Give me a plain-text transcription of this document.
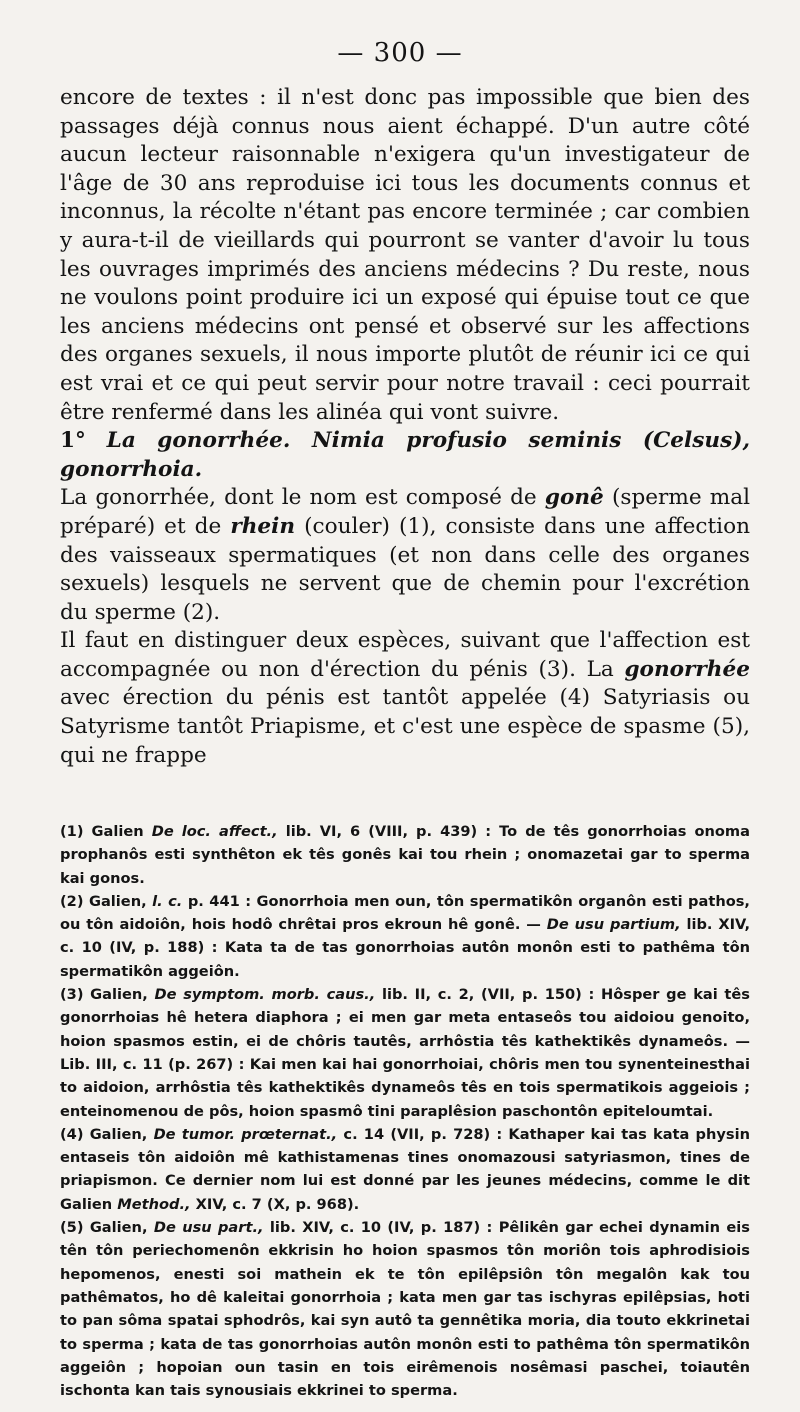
— 300 —

encore de textes : il n'est donc pas impossible que bien des passages déjà connus nous aient échappé. D'un autre côté aucun lecteur raisonnable n'exigera qu'un investigateur de l'âge de 30 ans reproduise ici tous les documents connus et inconnus, la récolte n'étant pas encore terminée ; car combien y aura-t-il de vieillards qui pourront se vanter d'avoir lu tous les ouvrages imprimés des anciens médecins ? Du reste, nous ne voulons point produire ici un exposé qui épuise tout ce que les anciens médecins ont pensé et observé sur les affections des organes sexuels, il nous importe plutôt de réunir ici ce qui est vrai et ce qui peut servir pour notre travail : ceci pourrait être renfermé dans les alinéa qui vont suivre.

1° La gonorrhée. Nimia profusio seminis (Celsus), gonorrhoia.

La gonorrhée, dont le nom est composé de gonê (sperme mal préparé) et de rhein (couler) (1), consiste dans une affection des vaisseaux spermatiques (et non dans celle des organes sexuels) lesquels ne servent que de chemin pour l'excrétion du sperme (2).

Il faut en distinguer deux espèces, suivant que l'affection est accompagnée ou non d'érection du pénis (3). La gonorrhée avec érection du pénis est tantôt appelée (4) Satyriasis ou Satyrisme tantôt Priapisme, et c'est une espèce de spasme (5), qui ne frappe

(1) Galien De loc. affect., lib. VI, 6 (VIII, p. 439) : To de tês gonorrhoias onoma prophanôs esti synthêton ek tês gonês kai tou rhein ; onomazetai gar to sperma kai gonos.

(2) Galien, l. c. p. 441 : Gonorrhoia men oun, tôn spermatikôn organôn esti pathos, ou tôn aidoiôn, hois hodô chrêtai pros ekroun hê gonê. — De usu partium, lib. XIV, c. 10 (IV, p. 188) : Kata ta de tas gonorrhoias autôn monôn esti to pathêma tôn spermatikôn aggeiôn.

(3) Galien, De symptom. morb. caus., lib. II, c. 2, (VII, p. 150) : Hôsper ge kai tês gonorrhoias hê hetera diaphora ; ei men gar meta entaseôs tou aidoiou genoito, hoion spasmos estin, ei de chôris tautês, arrhôstia tês kathektikês dynameôs. — Lib. III, c. 11 (p. 267) : Kai men kai hai gonorrhoiai, chôris men tou synenteinesthai to aidoion, arrhôstia tês kathektikês dynameôs tês en tois spermatikois aggeiois ; enteinomenou de pôs, hoion spasmô tini paraplêsion paschontôn epiteloumtai.

(4) Galien, De tumor. prœternat., c. 14 (VII, p. 728) : Kathaper kai tas kata physin entaseis tôn aidoiôn mê kathistamenas tines onomazousi satyriasmon, tines de priapismon. Ce dernier nom lui est donné par les jeunes médecins, comme le dit Galien Method., XIV, c. 7 (X, p. 968).

(5) Galien, De usu part., lib. XIV, c. 10 (IV, p. 187) : Pêlikên gar echei dynamin eis tên tôn periechomenôn ekkrisin ho hoion spasmos tôn moriôn tois aphrodisiois hepomenos, enesti soi mathein ek te tôn epilêpsiôn tôn megalôn kak tou pathêmatos, ho dê kaleitai gonorrhoia ; kata men gar tas ischyras epilêpsias, hoti to pan sôma spatai sphodrôs, kai syn autô ta gennêtika moria, dia touto ekkrinetai to sperma ; kata de tas gonorrhoias autôn monôn esti to pathêma tôn spermatikôn aggeiôn ; hopoian oun tasin en tois eirêmenois nosêmasi paschei, toiautên ischonta kan tais synousiais ekkrinei to sperma.
